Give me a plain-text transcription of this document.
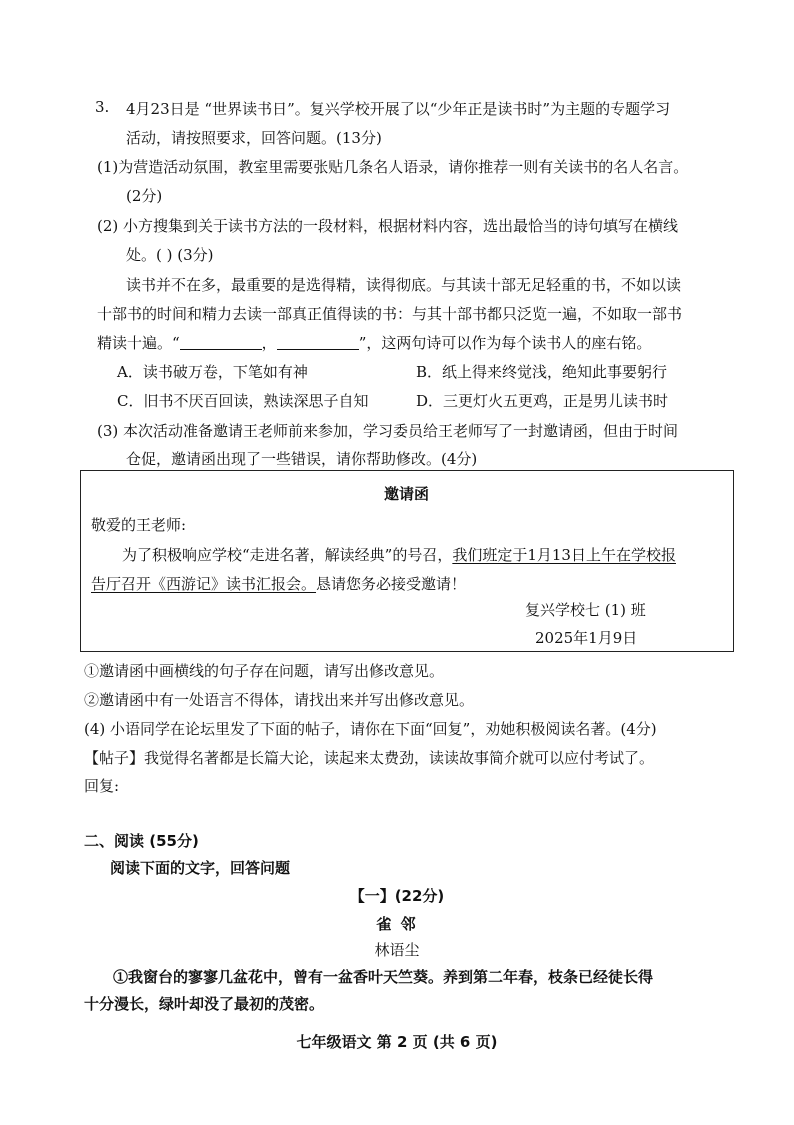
3. 4月23日是 “世界读书日”。复兴学校开展了以“少年正是读书时”为主题的专题学习
活动，请按照要求，回答问题。(13分)
(1)为营造活动氛围，教室里需要张贴几条名人语录，请你推荐一则有关读书的名人名言。
(2分)
(2) 小方搜集到关于读书方法的一段材料，根据材料内容，选出最恰当的诗句填写在横线
处。( ) (3分)
读书并不在多，最重要的是选得精，读得彻底。与其读十部无足轻重的书，不如以读
十部书的时间和精力去读一部真正值得读的书：与其十部书都只泛览一遍，不如取一部书
精读十遍。“	，	”，这两句诗可以作为每个读书人的座右铭。
A．读书破万卷，下笔如有神	B．纸上得来终觉浅，绝知此事要躬行
C．旧书不厌百回读，熟读深思子自知	D．三更灯火五更鸡，正是男儿读书时
(3) 本次活动准备邀请王老师前来参加，学习委员给王老师写了一封邀请函，但由于时间
仓促，邀请函出现了一些错误，请你帮助修改。(4分)
邀请函
敬爱的王老师:
为了积极响应学校“走进名著，解读经典”的号召，我们班定于1月13日上午在学校报
告厅召开《西游记》读书汇报会。恳请您务必接受邀请！
复兴学校七 (1) 班
2025年1月9日
①邀请函中画横线的句子存在问题，请写出修改意见。
②邀请函中有一处语言不得体，请找出来并写出修改意见。
(4) 小语同学在论坛里发了下面的帖子，请你在下面“回复”，劝她积极阅读名著。(4分)
【帖子】我觉得名著都是长篇大论，读起来太费劲，读读故事简介就可以应付考试了。
回复:
二、阅读 (55分)
阅读下面的文字，回答问题
【一】(22分)
雀 邻
林语尘
①我窗台的寥寥几盆花中，曾有一盆香叶天竺葵。养到第二年春，枝条已经徒长得
十分漫长，绿叶却没了最初的茂密。
七年级语文 第 2 页 (共 6 页)
